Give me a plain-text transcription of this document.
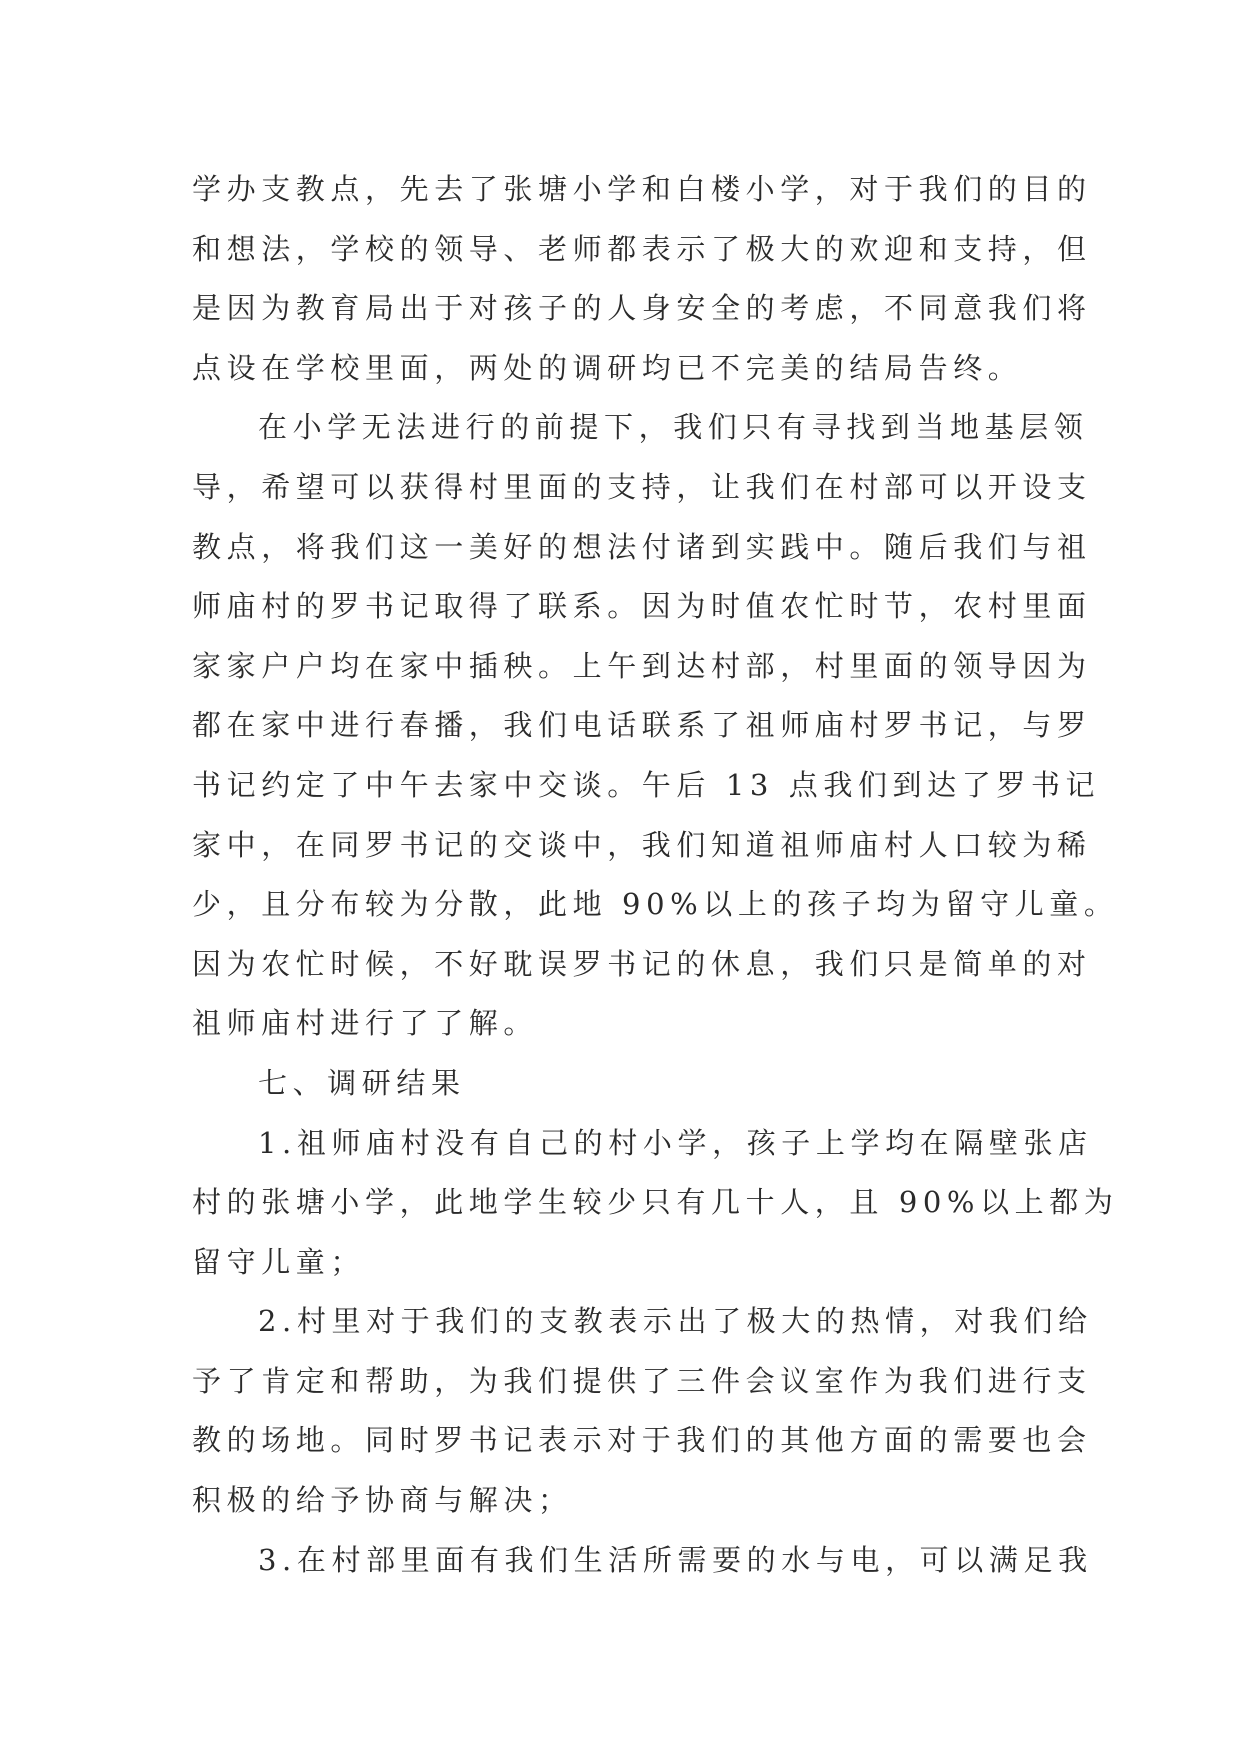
学办支教点，先去了张塘小学和白楼小学，对于我们的目的
和想法，学校的领导、老师都表示了极大的欢迎和支持，但
是因为教育局出于对孩子的人身安全的考虑，不同意我们将
点设在学校里面，两处的调研均已不完美的结局告终。
在小学无法进行的前提下，我们只有寻找到当地基层领
导，希望可以获得村里面的支持，让我们在村部可以开设支
教点，将我们这一美好的想法付诸到实践中。随后我们与祖
师庙村的罗书记取得了联系。因为时值农忙时节，农村里面
家家户户均在家中插秧。上午到达村部，村里面的领导因为
都在家中进行春播，我们电话联系了祖师庙村罗书记，与罗
书记约定了中午去家中交谈。午后 13 点我们到达了罗书记
家中，在同罗书记的交谈中，我们知道祖师庙村人口较为稀
少，且分布较为分散，此地 90%以上的孩子均为留守儿童。
因为农忙时候，不好耽误罗书记的休息，我们只是简单的对
祖师庙村进行了了解。
七、调研结果
1.祖师庙村没有自己的村小学，孩子上学均在隔壁张店
村的张塘小学，此地学生较少只有几十人，且 90%以上都为
留守儿童；
2.村里对于我们的支教表示出了极大的热情，对我们给
予了肯定和帮助，为我们提供了三件会议室作为我们进行支
教的场地。同时罗书记表示对于我们的其他方面的需要也会
积极的给予协商与解决；
3.在村部里面有我们生活所需要的水与电，可以满足我
